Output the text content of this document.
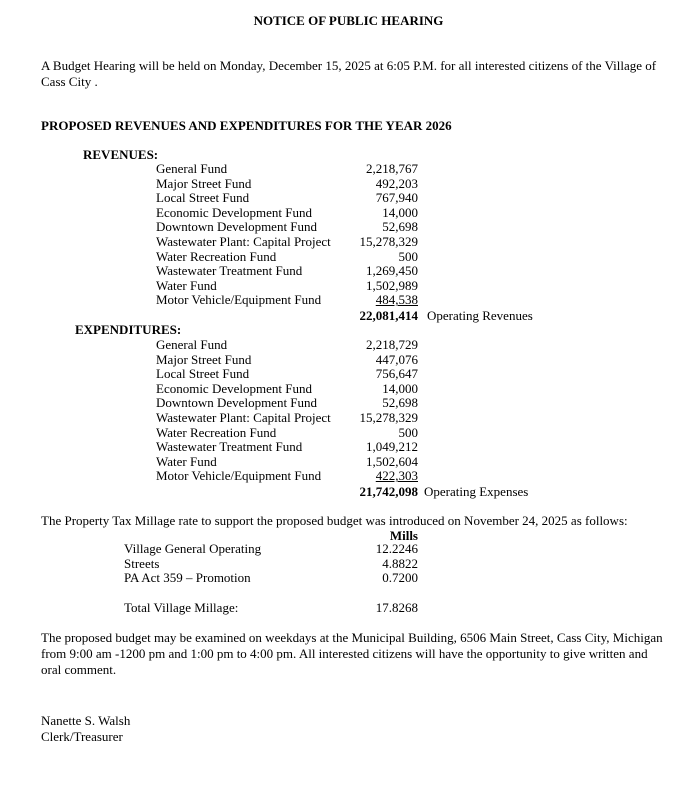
NOTICE OF PUBLIC HEARING
A Budget Hearing will be held on Monday, December 15, 2025 at 6:05 P.M. for all interested citizens of the Village of Cass City .
PROPOSED REVENUES AND EXPENDITURES FOR THE YEAR 2026
REVENUES:
General Fund
Major Street Fund
Local Street Fund
Economic Development Fund
Downtown Development Fund
Wastewater Plant: Capital Project
Water Recreation Fund
Wastewater Treatment Fund
Water Fund
Motor Vehicle/Equipment Fund
2,218,767
492,203
767,940
14,000
52,698
15,278,329
500
1,269,450
1,502,989
484,538
22,081,414 Operating Revenues
EXPENDITURES:
General Fund
Major Street Fund
Local Street Fund
Economic Development Fund
Downtown Development Fund
Wastewater Plant: Capital Project
Water Recreation Fund
Wastewater Treatment Fund
Water Fund
Motor Vehicle/Equipment Fund
2,218,729
447,076
756,647
14,000
52,698
15,278,329
500
1,049,212
1,502,604
422,303
21,742,098 Operating Expenses
The Property Tax Millage rate to support the proposed budget was introduced on November 24, 2025 as follows:
Mills
Village General Operating
Streets
PA Act 359 – Promotion
12.2246
4.8822
0.7200
Total Village Millage:	17.8268
The proposed budget may be examined on weekdays at the Municipal Building, 6506 Main Street, Cass City, Michigan from 9:00 am -1200 pm and 1:00 pm to 4:00 pm. All interested citizens will have the opportunity to give written and oral comment.
Nanette S. Walsh
Clerk/Treasurer
